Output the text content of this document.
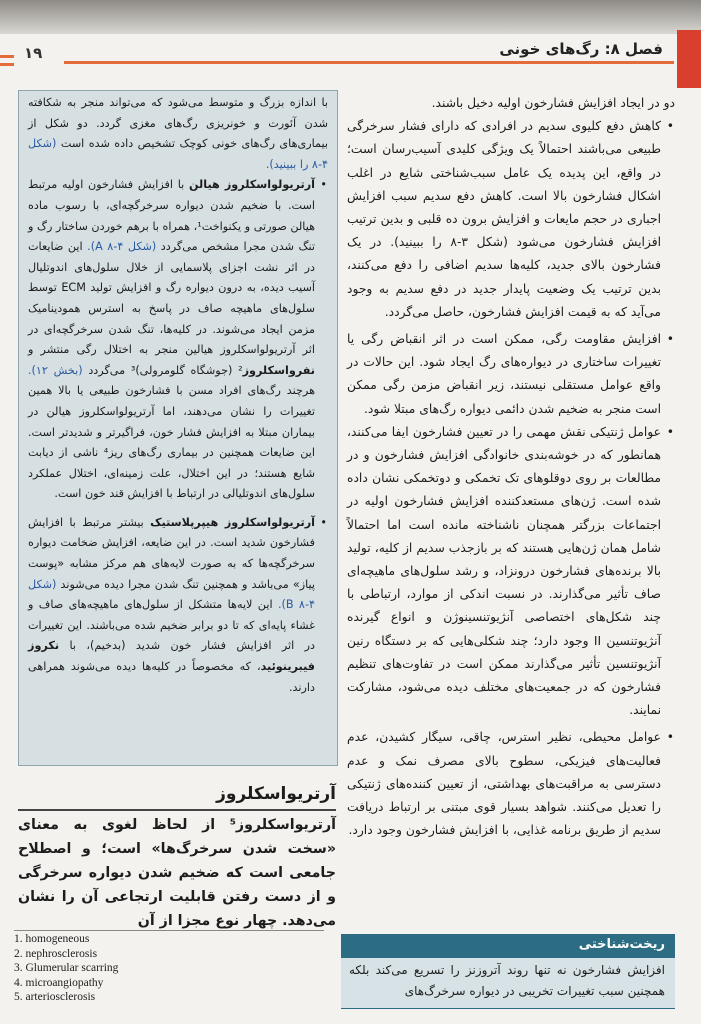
۱۹	فصل ۸: رگ‌های خونی

دو در ایجاد افزایش فشارخون اولیه دخیل باشند.

• کاهش دفع کلیوی سدیم در افرادی که دارای فشار سرخرگی طبیعی می‌باشند احتمالاً یک ویژگی کلیدی آسیب‌رسان است؛ در واقع، این پدیده یک عامل سبب‌شناختی شایع در اغلب اشکال فشارخون بالا است. کاهش دفع سدیم سبب افزایش اجباری در حجم مایعات و افزایش برون ده قلبی و بدین ترتیب افزایش فشارخون می‌شود (شکل ۳-۸ را ببینید). در یک فشارخون بالای جدید، کلیه‌ها سدیم اضافی را دفع می‌کنند، بدین ترتیب یک وضعیت پایدار جدید در دفع سدیم به وجود می‌آید که به قیمت افزایش فشارخون، حاصل می‌گردد.
• افزایش مقاومت رگی، ممکن است در اثر انقباض رگی یا تغییرات ساختاری در دیواره‌های رگ ایجاد شود. این حالات در واقع عوامل مستقلی نیستند، زیر انقباض مزمن رگی ممکن است منجر به ضخیم شدن دائمی دیواره رگ‌های مبتلا شود.
• عوامل ژنتیکی نقش مهمی را در تعیین فشارخون ایفا می‌کنند، همانطور که در خوشه‌بندی خانوادگی افزایش فشارخون و در مطالعات بر روی دوقلوهای تک تخمکی و دوتخمکی نشان داده شده است. ژن‌های مستعدکننده افزایش فشارخون اولیه در اجتماعات بزرگتر همچنان ناشناخته مانده است اما احتمالاً شامل همان ژن‌هایی هستند که بر بازجذب سدیم از کلیه، تولید بالا برنده‌های فشارخون درونزاد، و رشد سلول‌های ماهیچه‌ای صاف تأثیر می‌گذارند. در نسبت اندکی از موارد، ارتباطی با چند شکل‌های اختصاصی آنژیوتنسینوژن و انواع گیرنده آنژیوتنسین II وجود دارد؛ چند شکلی‌هایی که بر دستگاه رنین آنژیوتنسین تأثیر می‌گذارند ممکن است در تفاوت‌های تنظیم فشارخون که در جمعیت‌های مختلف دیده می‌شود، مشارکت نمایند.
• عوامل محیطی، نظیر استرس، چاقی، سیگار کشیدن، عدم فعالیت‌های فیزیکی، سطوح بالای مصرف نمک و عدم دسترسی به مراقبت‌های بهداشتی، از تعیین کننده‌های ژنتیکی را تعدیل می‌کنند. شواهد بسیار قوی مبتنی بر ارتباط دریافت سدیم از طریق برنامه غذایی، با افزایش فشارخون وجود دارد.

با اندازه بزرگ و متوسط می‌شود که می‌تواند منجر به شکافته شدن آئورت و خونریزی رگ‌های مغزی گردد. دو شکل از بیماری‌های رگ‌های خونی کوچک تشخیص داده شده است (شکل ۴-۸ را ببینید).

• آرتریولواسکلروز هیالن با افزایش فشارخون اولیه مرتبط است. با ضخیم شدن دیواره سرخرگچه‌ای، با رسوب ماده هیالن صورتی و یکنواخت¹، همراه با برهم خوردن ساختار رگ و تنگ شدن مجرا مشخص می‌گردد (شکل ۴-۸ A). این ضایعات در اثر نشت اجزای پلاسمایی از خلال سلول‌های اندوتلیال آسیب دیده، به درون دیواره رگ و افزایش تولید ECM توسط سلول‌های ماهیچه صاف در پاسخ به استرس همودینامیک مزمن ایجاد می‌شوند. در کلیه‌ها، تنگ شدن سرخرگچه‌ای در اثر آرتریولواسکلروز هیالین منجر به اختلال رگی منتشر و نفرواسکلروز² (جوشگاه گلومرولی)³ می‌گردد (بخش ۱۲). هرچند رگ‌های افراد مسن با فشارخون طبیعی یا بالا همین تغییرات را نشان می‌دهند، اما آرتریولواسکلروز هیالن در بیماران مبتلا به افزایش فشار خون، فراگیرتر و شدیدتر است. این ضایعات همچنین در بیماری رگ‌های ریز⁴ ناشی از دیابت شایع هستند؛ در این اختلال، علت زمینه‌ای، اختلال عملکرد سلول‌های اندوتلیالی در ارتباط با افزایش قند خون است.
• آرتریولواسکلروز هیپرپلاستیک بیشتر مرتبط با افزایش فشارخون شدید است. در این ضایعه، افزایش ضخامت دیواره سرخرگچه‌ها که به صورت لایه‌های هم مرکز مشابه «پوست پیاز» می‌باشد و همچنین تنگ شدن مجرا دیده می‌شوند (شکل ۴-۸ B). این لایه‌ها متشکل از سلول‌های ماهیچه‌های صاف و غشاء پایه‌ای که تا دو برابر ضخیم شده می‌باشند. این تغییرات در اثر افزایش فشار خون شدید (بدخیم)، با نکروز فیبرینوئید، که مخصوصاً در کلیه‌ها دیده می‌شوند همراهی دارند.
آرتریواسکلروز
آرتریواسکلروز⁵ از لحاظ لغوی به معنای «سخت شدن سرخرگ‌ها» است؛ و اصطلاح جامعی است که ضخیم شدن دیواره سرخرگی و از دست رفتن قابلیت ارتجاعی آن را نشان می‌دهد. چهار نوع مجزا از آن
1. homogeneous
2. nephrosclerosis
3. Glumerular scarring
4. microangiopathy
5. arteriosclerosis
ریخت‌شناختی
افزایش فشارخون نه تنها روند آتروزنز را تسریع می‌کند بلکه همچنین سبب تغییرات تخریبی در دیواره سرخرگ‌های
